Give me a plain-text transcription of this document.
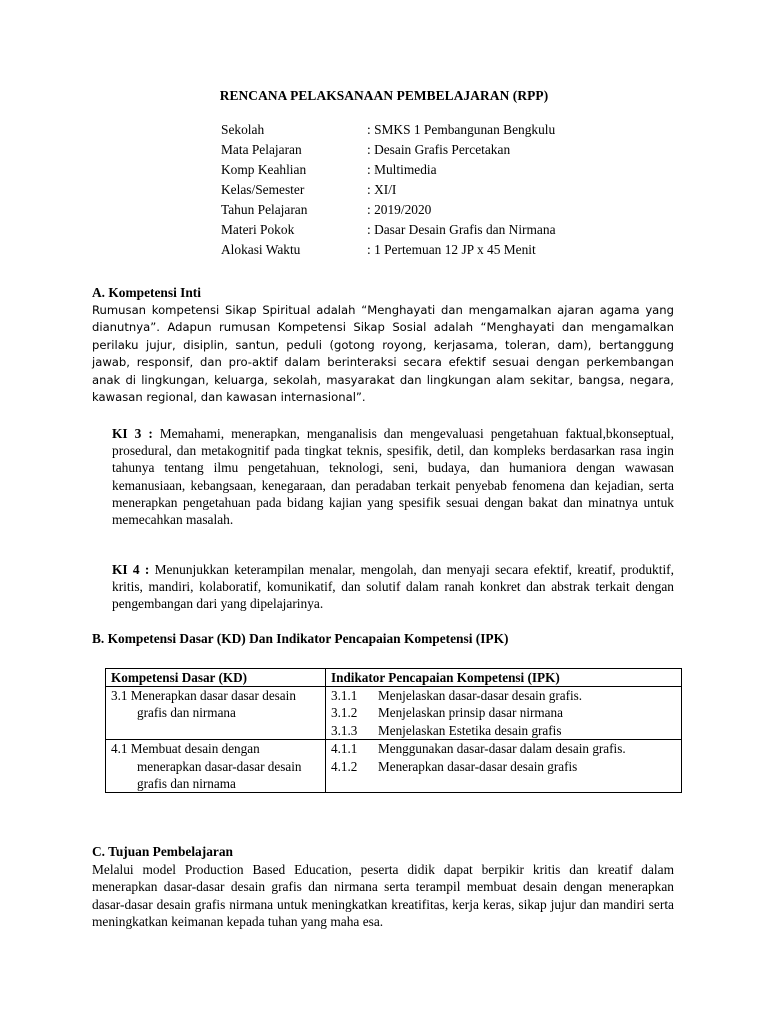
RENCANA PELAKSANAAN PEMBELAJARAN (RPP)
Sekolah	: SMKS 1 Pembangunan Bengkulu
Mata Pelajaran	: Desain Grafis Percetakan
Komp Keahlian	: Multimedia
Kelas/Semester	: XI/I
Tahun Pelajaran	: 2019/2020
Materi Pokok	: Dasar Desain Grafis dan Nirmana
Alokasi Waktu	: 1 Pertemuan 12 JP x 45 Menit
A. Kompetensi Inti
Rumusan kompetensi Sikap Spiritual adalah “Menghayati dan mengamalkan ajaran agama yang dianutnya”. Adapun rumusan Kompetensi Sikap Sosial adalah “Menghayati dan mengamalkan perilaku jujur, disiplin, santun, peduli (gotong royong, kerjasama, toleran, dam), bertanggung jawab, responsif, dan pro-aktif dalam berinteraksi secara efektif sesuai dengan perkembangan anak di lingkungan, keluarga, sekolah, masyarakat dan lingkungan alam sekitar, bangsa, negara, kawasan regional, dan kawasan internasional”.
KI 3 : Memahami, menerapkan, menganalisis dan mengevaluasi pengetahuan faktual,bkonseptual, prosedural, dan metakognitif pada tingkat teknis, spesifik, detil, dan kompleks berdasarkan rasa ingin tahunya tentang ilmu pengetahuan, teknologi, seni, budaya, dan humaniora dengan wawasan kemanusiaan, kebangsaan, kenegaraan, dan peradaban terkait penyebab fenomena dan kejadian, serta menerapkan pengetahuan pada bidang kajian yang spesifik sesuai dengan bakat dan minatnya untuk memecahkan masalah.
KI 4 : Menunjukkan keterampilan menalar, mengolah, dan menyaji secara efektif, kreatif, produktif, kritis, mandiri, kolaboratif, komunikatif, dan solutif dalam ranah konkret dan abstrak terkait dengan pengembangan dari yang dipelajarinya.
B. Kompetensi Dasar (KD) Dan Indikator Pencapaian Kompetensi (IPK)
Kompetensi Dasar (KD)	Indikator Pencapaian Kompetensi (IPK)

3.1 Menerapkan dasar dasar desain grafis dan nirmana	3.1.1 Menjelaskan dasar-dasar desain grafis.
3.1.2 Menjelaskan prinsip dasar nirmana
3.1.3 Menjelaskan Estetika desain grafis

4.1 Membuat desain dengan menerapkan dasar-dasar desain grafis dan nirnama	4.1.1 Menggunakan dasar-dasar dalam desain grafis.
4.1.2 Menerapkan dasar-dasar desain grafis
C. Tujuan Pembelajaran
Melalui model Production Based Education, peserta didik dapat berpikir kritis dan kreatif dalam menerapkan dasar-dasar desain grafis dan nirmana serta terampil membuat desain dengan menerapkan dasar-dasar desain grafis nirmana untuk meningkatkan kreatifitas, kerja keras, sikap jujur dan mandiri serta meningkatkan keimanan kepada tuhan yang maha esa.
